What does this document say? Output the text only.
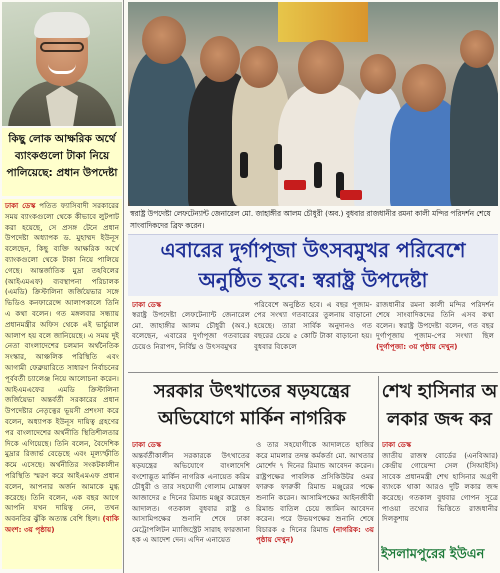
কিছু লোক আক্ষরিক অর্থে
ব্যাংকগুলো টাকা নিয়ে
পালিয়েছে: প্রধান উপদেষ্টা
ঢাকা ডেস্ক পতিত ফ্যাসিবাদী সরকারের সময় ব্যাংকগুলো থেকে কীভাবে লুটপাট করা হয়েছে, সে প্রসঙ্গ টেনে প্রধান উপদেষ্টা অধ্যাপক ড. মুহাম্মদ ইউনূস বলেছেন, কিছু ব্যক্তি আক্ষরিক অর্থে ব্যাংকগুলো থেকে টাকা নিয়ে পালিয়ে গেছে। আন্তর্জাতিক মুদ্রা তহবিলের (আইএমএফ) ব্যবস্থাপনা পরিচালক (এমডি) ক্রিস্টালিনা জর্জিয়েভার সঙ্গে ভিডিও কনফারেন্সে আলাপকালে তিনি এ কথা বলেন। গত মঙ্গলবার সন্ধ্যায় প্রধানমন্ত্রীর অফিস থেকে এই ভার্চুয়াল আলাপ হয় বলে জানিয়েছে। এ সময় দুই নেতা বাংলাদেশের চলমান অর্থনৈতিক সংস্কার, আঞ্চলিক পরিস্থিতি এবং আগামী ফেব্রুয়ারিতে সাধারণ নির্বাচনের পূর্ববর্তী চ্যালেঞ্জ নিয়ে আলোচনা করেন। আইএমএফের এমডি ক্রিস্টালিনা জর্জিয়েভা অন্তর্বর্তী সরকারের প্রধান উপদেষ্টার নেতৃত্বের ভূয়সী প্রশংসা করে বলেন, অধ্যাপক ইউনূস দায়িত্ব গ্রহণের পর বাংলাদেশের অর্থনীতি স্থিতিশীলতার দিকে এগিয়েছে। তিনি বলেন, বৈদেশিক মুদ্রার রিজার্ভ বেড়েছে এবং মূল্যস্ফীতি কমে এসেছে। অর্থনীতির সংকটকালীন পরিস্থিতি স্মরণ করে আইএমএফ প্রধান বলেন, আপনার অর্জন আমাকে মুগ্ধ করেছে। তিনি বলেন, এক বছর আগে আপনি যখন দায়িত্ব নেন, তখন অবনতির ঝুঁকি অত্যন্ত বেশি ছিল। (বাকি অংশ: ৩য় পৃষ্ঠায়)
স্বরাষ্ট্র উপদেষ্টা লেফটেন্যান্ট জেনারেল মো. জাহাঙ্গীর আলম চৌধুরী (অব.) বুধবার রাজধানীর রমনা কালী মন্দির পরিদর্শন শেষে সাংবাদিকদের ব্রিফ করেন।
এবারের দুর্গাপূজা উৎসবমুখর পরিবেশে
অনুষ্ঠিত হবে: স্বরাষ্ট্র উপদেষ্টা
ঢাকা ডেস্ক
স্বরাষ্ট্র উপদেষ্টা লেফটেন্যান্ট জেনারেল মো. জাহাঙ্গীর আলম চৌধুরী (অব.) বলেছেন, এবারের দুর্গাপূজা গতবারের চেয়েও নিরাপদ, নির্বিঘ্ন ও উৎসবমুখর
পরিবেশে অনুষ্ঠিত হবে। এ বছর পূজাম-পের সংখ্যা গতবারের তুলনায় বাড়ানো হয়েছে। তারা সার্বিক অনুদানও গত বছরের চেয়ে ৫ কোটি টাকা বাড়ানো হয়। বুধবার বিকেলে
রাজধানীর রমনা কালী মন্দির পরিদর্শন শেষে সাংবাদিকদের তিনি এসব কথা বলেন। স্বরাষ্ট্র উপদেষ্টা বলেন, গত বছর দুর্গাপূজায় পূজাম-পের সংখ্যা ছিল (দুর্গাপূজা: ৩য় পৃষ্ঠায় দেখুন)
সরকার উৎখাতের ষড়যন্ত্রের
অভিযোগে মার্কিন নাগরিক
ঢাকা ডেস্ক
অন্তর্বর্তীকালীন সরকারকে উৎখাতের ষড়যন্ত্রের অভিযোগে বাংলাদেশি বংশোদ্ভূত মার্কিন নাগরিক এনায়েত করিম চৌধুরী ও তার সহযোগী গোলাম মোস্তফা আজাদের ৫ দিনের রিমান্ড মঞ্জুর করেছেন আদালত। গতকাল বুধবার রাষ্ট্র ও আসামিপক্ষের শুনানি শেষে ঢাকা মেট্রোপলিটন ম্যাজিস্ট্রেট সারাহ ফারজানা হক এ আদেশ দেন। এদিন এনায়েত
ও তার সহযোগীকে আদালতে হাজির করে মামলার তদন্ত কর্মকর্তা মো. আখতার মোর্শেদ ৭ দিনের রিমান্ড আবেদন করেন। রাষ্ট্রপক্ষের পাবলিক প্রসিকিউটর ওমর ফারুক ফারুকী রিমান্ড মঞ্জুরের পক্ষে শুনানি করেন। আসামিপক্ষের আইনজীবী রিমান্ড বাতিল চেয়ে জামিন আবেদন করেন। পরে উভয়পক্ষের শুনানি শেষে বিচারক ৫ দিনের রিমান্ড (নাগরিক: ৩য় পৃষ্ঠায় দেখুন)
শেখ হাসিনার অ
লকার জব্দ কর
ঢাকা ডেস্ক
জাতীয় রাজস্ব বোর্ডের (এনবিআর) কেন্দ্রীয় গোয়েন্দা সেল (সিআইসি) সাবেক প্রধানমন্ত্রী শেখ হাসিনার অগ্রণী ব্যাংকে থাকা আরও দুটি লকার জব্দ করেছে। গতকাল বুধবার গোপন সূত্রে পাওয়া তথ্যের ভিত্তিতে রাজধানীর দিলকুশায়
ইসলামপুরের ইউএন
